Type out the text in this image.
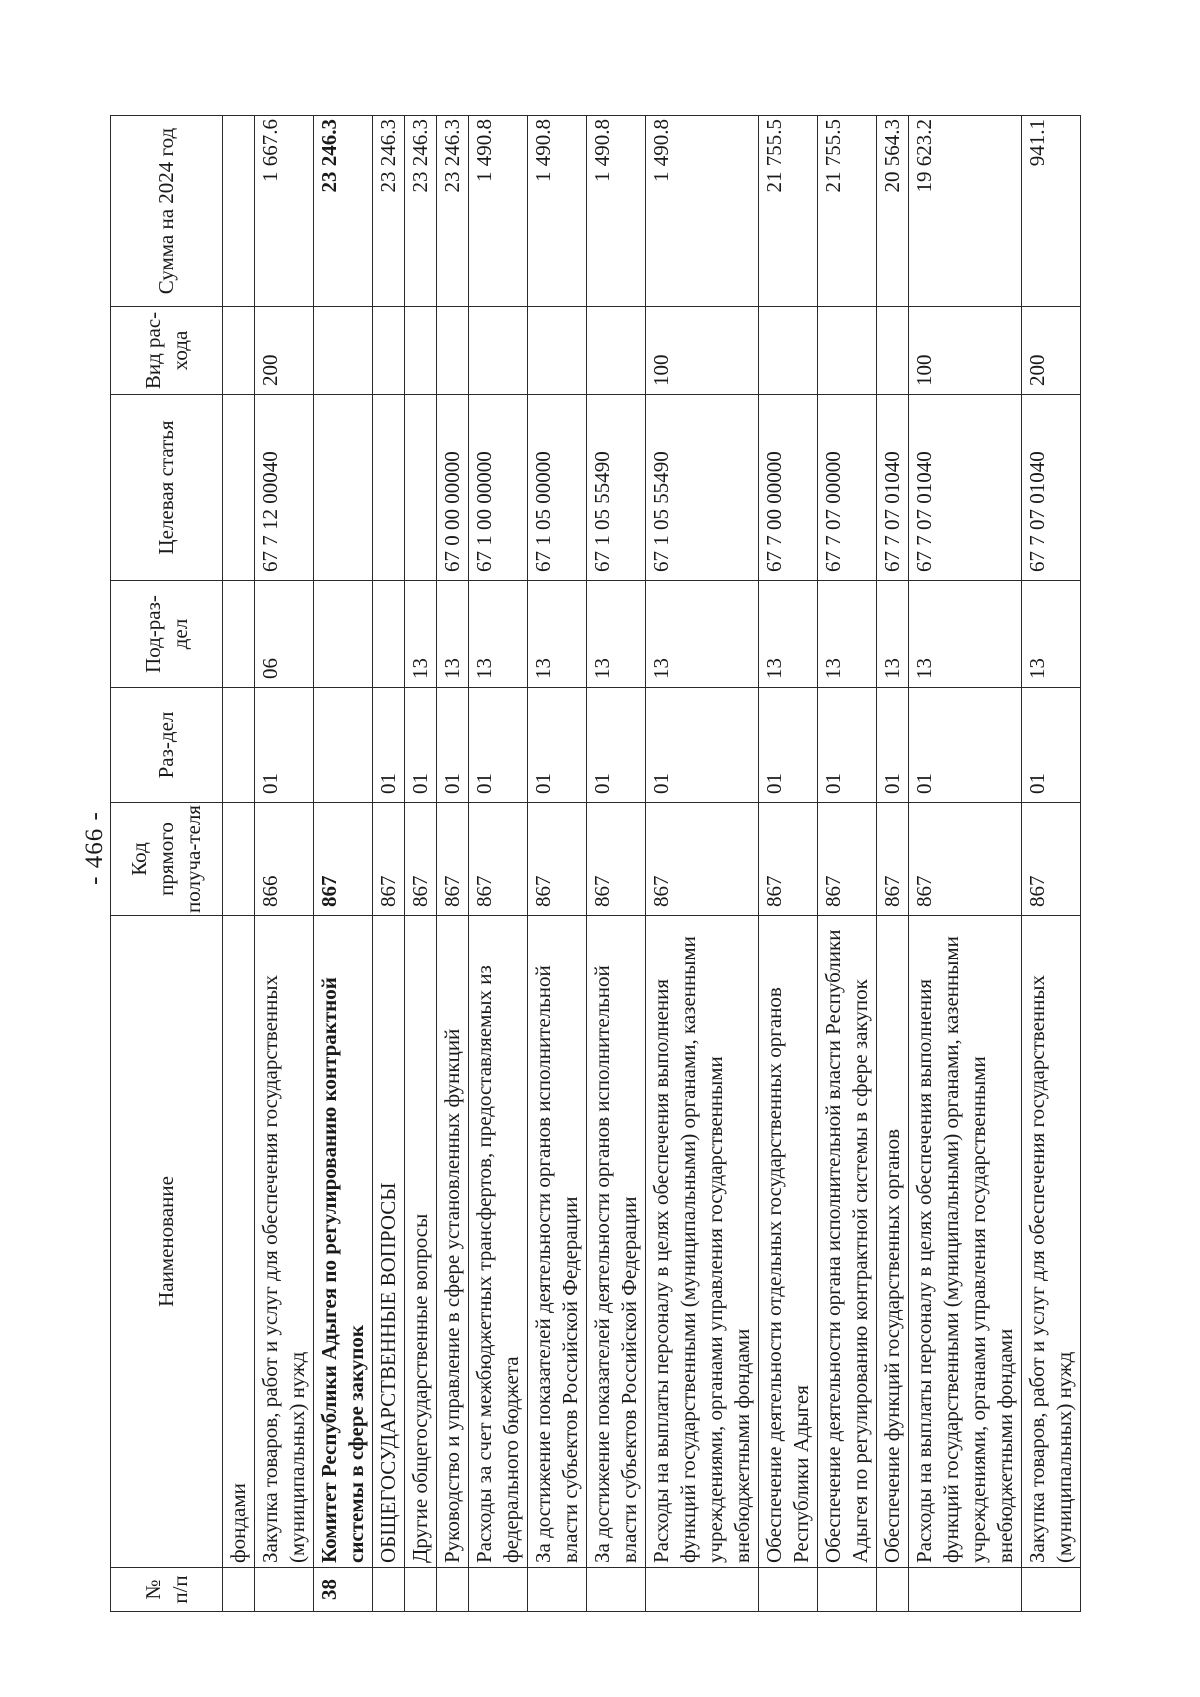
- 466 -
№ п/п	Наименование	Код прямого получа-теля	Раз-дел	Под-раз-дел	Целевая статья	Вид рас-хода	Сумма на 2024 год
	фондами						
	Закупка товаров, работ и услуг для обеспечения государственных (муниципальных) нужд	866	01	06	67 7 12 00040	200	1 667.6
38	Комитет Республики Адыгея по регулированию контрактной системы в сфере закупок	867					23 246.3
	ОБЩЕГОСУДАРСТВЕННЫЕ ВОПРОСЫ	867	01				23 246.3
	Другие общегосударственные вопросы	867	01	13			23 246.3
	Руководство и управление в сфере установленных функций	867	01	13	67 0 00 00000		23 246.3
	Расходы за счет межбюджетных трансфертов, предоставляемых из федерального бюджета	867	01	13	67 1 00 00000		1 490.8
	За достижение показателей деятельности органов исполнительной власти субъектов Российской Федерации	867	01	13	67 1 05 00000		1 490.8
	За достижение показателей деятельности органов исполнительной власти субъектов Российской Федерации	867	01	13	67 1 05 55490		1 490.8
	Расходы на выплаты персоналу в целях обеспечения выполнения функций государственными (муниципальными) органами, казенными учреждениями, органами управления государственными внебюджетными фондами	867	01	13	67 1 05 55490	100	1 490.8
	Обеспечение деятельности отдельных государственных органов Республики Адыгея	867	01	13	67 7 00 00000		21 755.5
	Обеспечение деятельности органа исполнительной власти Республики Адыгея по регулированию контрактной системы в сфере закупок	867	01	13	67 7 07 00000		21 755.5
	Обеспечение функций государственных органов	867	01	13	67 7 07 01040		20 564.3
	Расходы на выплаты персоналу в целях обеспечения выполнения функций государственными (муниципальными) органами, казенными учреждениями, органами управления государственными внебюджетными фондами	867	01	13	67 7 07 01040	100	19 623.2
	Закупка товаров, работ и услуг для обеспечения государственных (муниципальных) нужд	867	01	13	67 7 07 01040	200	941.1
